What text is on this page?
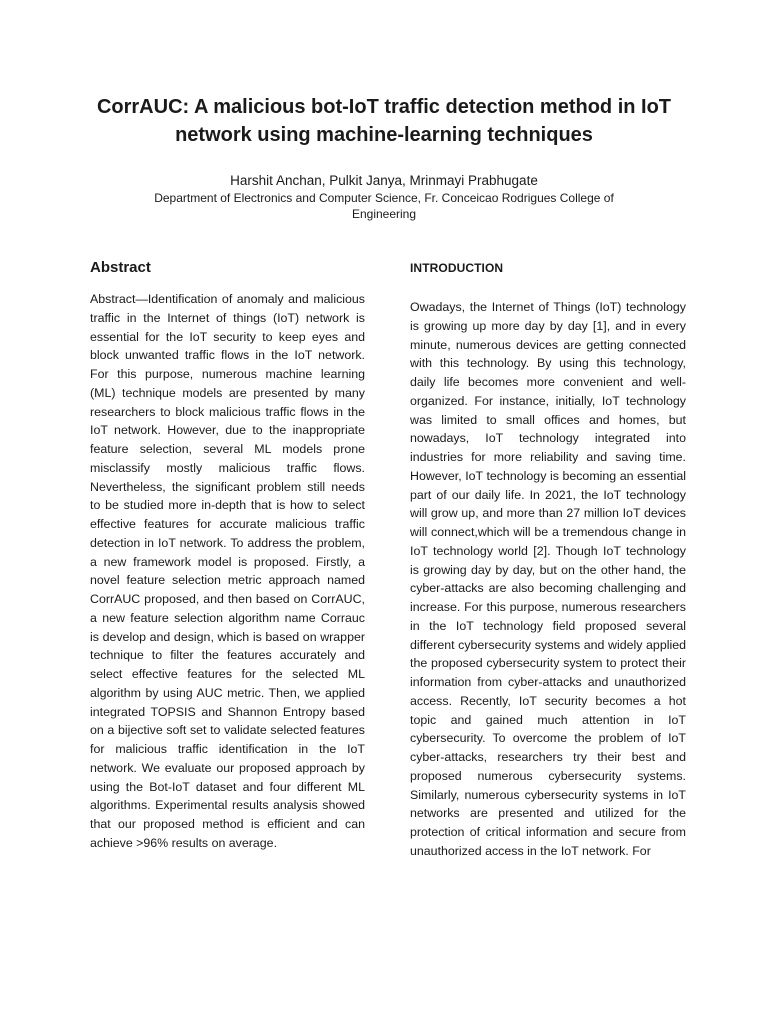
CorrAUC: A malicious bot-IoT traffic detection method in IoT network using machine-learning techniques

Harshit Anchan, Pulkit Janya, Mrinmayi Prabhugate

Department of Electronics and Computer Science, Fr. Conceicao Rodrigues College of Engineering

Abstract

Abstract—Identification of anomaly and malicious traffic in the Internet of things (IoT) network is essential for the IoT security to keep eyes and block unwanted traffic flows in the IoT network. For this purpose, numerous machine learning (ML) technique models are presented by many researchers to block malicious traffic flows in the IoT network. However, due to the inappropriate feature selection, several ML models prone misclassify mostly malicious traffic flows. Nevertheless, the significant problem still needs to be studied more in-depth that is how to select effective features for accurate malicious traffic detection in IoT network. To address the problem, a new framework model is proposed. Firstly, a novel feature selection metric approach named CorrAUC proposed, and then based on CorrAUC, a new feature selection algorithm name Corrauc is develop and design, which is based on wrapper technique to filter the features accurately and select effective features for the selected ML algorithm by using AUC metric. Then, we applied integrated TOPSIS and Shannon Entropy based on a bijective soft set to validate selected features for malicious traffic identification in the IoT network. We evaluate our proposed approach by using the Bot-IoT dataset and four different ML algorithms. Experimental results analysis showed that our proposed method is efficient and can achieve >96% results on average.

INTRODUCTION

Owadays, the Internet of Things (IoT) technology is growing up more day by day [1], and in every minute, numerous devices are getting connected with this technology. By using this technology, daily life becomes more convenient and well-organized. For instance, initially, IoT technology was limited to small offices and homes, but nowadays, IoT technology integrated into industries for more reliability and saving time. However, IoT technology is becoming an essential part of our daily life. In 2021, the IoT technology will grow up, and more than 27 million IoT devices will connect,which will be a tremendous change in IoT technology world [2]. Though IoT technology is growing day by day, but on the other hand, the cyber-attacks are also becoming challenging and increase. For this purpose, numerous researchers in the IoT technology field proposed several different cybersecurity systems and widely applied the proposed cybersecurity system to protect their information from cyber-attacks and unauthorized access. Recently, IoT security becomes a hot topic and gained much attention in IoT cybersecurity. To overcome the problem of IoT cyber-attacks, researchers try their best and proposed numerous cybersecurity systems. Similarly, numerous cybersecurity systems in IoT networks are presented and utilized for the protection of critical information and secure from unauthorized access in the IoT network. For
